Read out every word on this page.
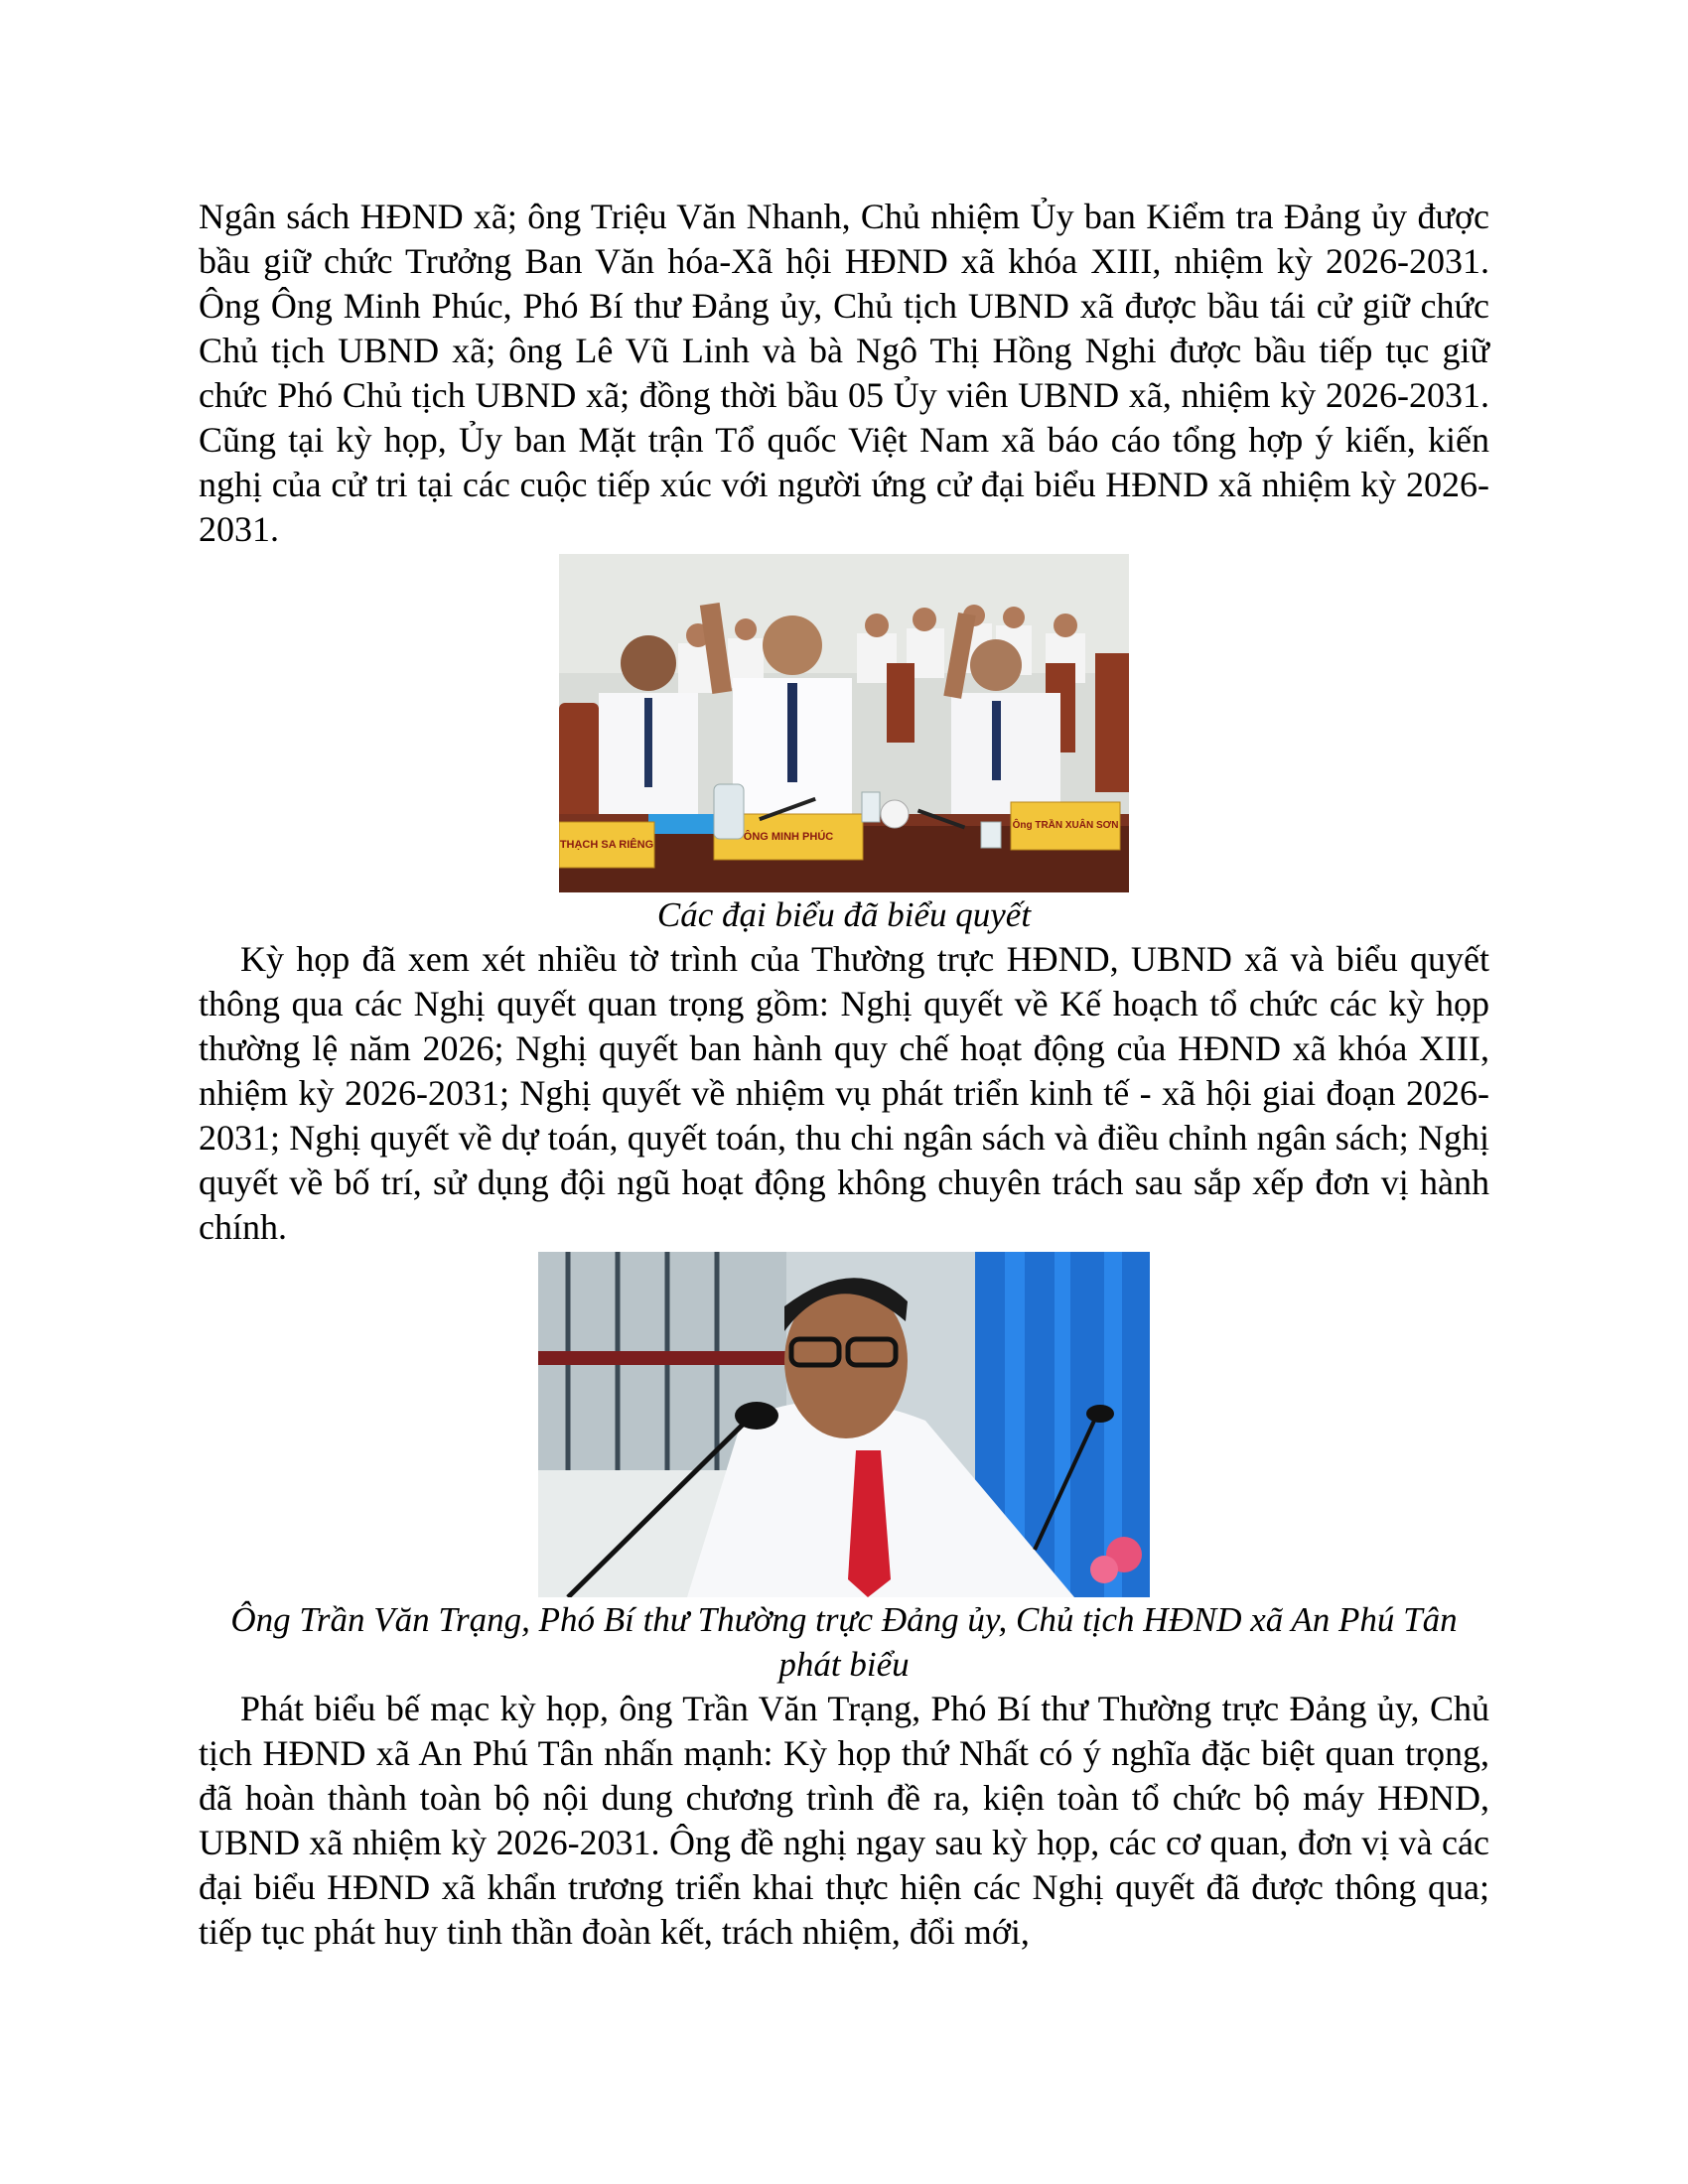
Ngân sách HĐND xã; ông Triệu Văn Nhanh, Chủ nhiệm Ủy ban Kiểm tra Đảng ủy được bầu giữ chức Trưởng Ban Văn hóa-Xã hội HĐND xã khóa XIII, nhiệm kỳ 2026-2031. Ông Ông Minh Phúc, Phó Bí thư Đảng ủy, Chủ tịch UBND xã được bầu tái cử giữ chức Chủ tịch UBND xã; ông Lê Vũ Linh và bà Ngô Thị Hồng Nghi được bầu tiếp tục giữ chức Phó Chủ tịch UBND xã; đồng thời bầu 05 Ủy viên UBND xã, nhiệm kỳ 2026-2031. Cũng tại kỳ họp, Ủy ban Mặt trận Tổ quốc Việt Nam xã báo cáo tổng hợp ý kiến, kiến nghị của cử tri tại các cuộc tiếp xúc với người ứng cử đại biểu HĐND xã nhiệm kỳ 2026-2031.

THẠCH SA RIÊNG
ÔNG MINH PHÚC
Ông TRẦN XUÂN SƠN

Các đại biểu đã biểu quyết

Kỳ họp đã xem xét nhiều tờ trình của Thường trực HĐND, UBND xã và biểu quyết thông qua các Nghị quyết quan trọng gồm: Nghị quyết về Kế hoạch tổ chức các kỳ họp thường lệ năm 2026; Nghị quyết ban hành quy chế hoạt động của HĐND xã khóa XIII, nhiệm kỳ 2026-2031; Nghị quyết về nhiệm vụ phát triển kinh tế - xã hội giai đoạn 2026-2031; Nghị quyết về dự toán, quyết toán, thu chi ngân sách và điều chỉnh ngân sách; Nghị quyết về bố trí, sử dụng đội ngũ hoạt động không chuyên trách sau sắp xếp đơn vị hành chính.

Ông Trần Văn Trạng, Phó Bí thư Thường trực Đảng ủy, Chủ tịch HĐND xã An Phú Tân phát biểu

Phát biểu bế mạc kỳ họp, ông Trần Văn Trạng, Phó Bí thư Thường trực Đảng ủy, Chủ tịch HĐND xã An Phú Tân nhấn mạnh: Kỳ họp thứ Nhất có ý nghĩa đặc biệt quan trọng, đã hoàn thành toàn bộ nội dung chương trình đề ra, kiện toàn tổ chức bộ máy HĐND, UBND xã nhiệm kỳ 2026-2031. Ông đề nghị ngay sau kỳ họp, các cơ quan, đơn vị và các đại biểu HĐND xã khẩn trương triển khai thực hiện các Nghị quyết đã được thông qua; tiếp tục phát huy tinh thần đoàn kết, trách nhiệm, đổi mới,
